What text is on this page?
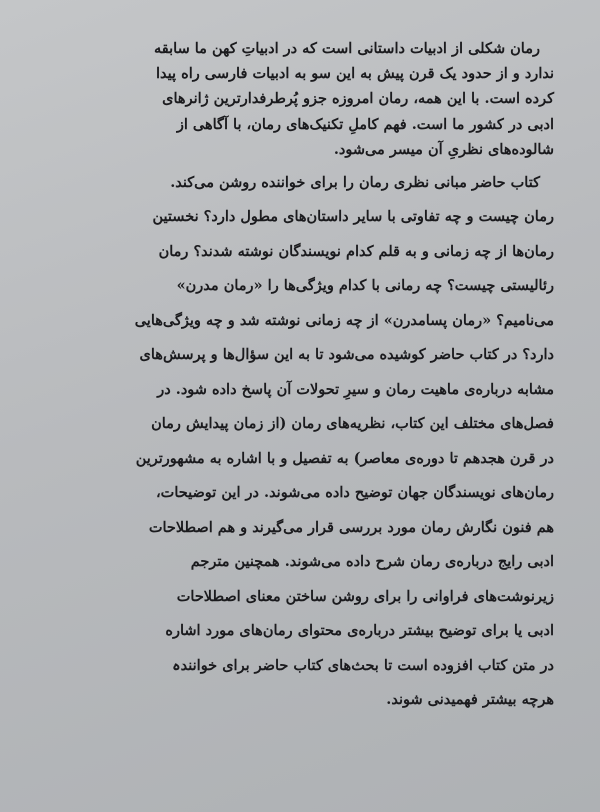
رمان شکلی از ادبیات داستانی است که در ادبیاتِ کهن ما سابقه
ندارد و از حدود یک قرن پیش به این سو به ادبیات فارسی راه پیدا
کرده است. با این همه، رمان امروزه جزو پُرطرفدارترین ژانرهای
ادبی در کشور ما است. فهم کاملِ تکنیک‌های رمان، با آگاهی از
شالوده‌های نظریِ آن میسر می‌شود.

کتاب حاضر مبانی نظری رمان را برای خواننده روشن می‌کند.
رمان چیست و چه تفاوتی با سایر داستان‌های مطول دارد؟ نخستین
رمان‌ها از چه زمانی و به قلم کدام نویسندگان نوشته شدند؟ رمان
رئالیستی چیست؟ چه رمانی با کدام ویژگی‌ها را «رمان مدرن»
می‌نامیم؟ «رمان پسامدرن» از چه زمانی نوشته شد و چه ویژگی‌هایی
دارد؟ در کتاب حاضر کوشیده می‌شود تا به این سؤال‌ها و پرسش‌های
مشابه درباره‌ی ماهیت رمان و سیرِ تحولات آن پاسخ داده شود. در
فصل‌های مختلف این کتاب، نظریه‌های رمان (از زمان پیدایش رمان
در قرن هجدهم تا دوره‌ی معاصر) به تفصیل و با اشاره به مشهورترین
رمان‌های نویسندگان جهان توضیح داده می‌شوند. در این توضیحات،
هم فنون نگارش رمان مورد بررسی قرار می‌گیرند و هم اصطلاحات
ادبی رایج درباره‌ی رمان شرح داده می‌شوند. همچنین مترجم
زیرنوشت‌های فراوانی را برای روشن ساختن معنای اصطلاحات
ادبی یا برای توضیح بیشتر درباره‌ی محتوای رمان‌های مورد اشاره
در متن کتاب افزوده است تا بحث‌های کتاب حاضر برای خوانندہ
هرچه بیشتر فهمیدنی شوند.
